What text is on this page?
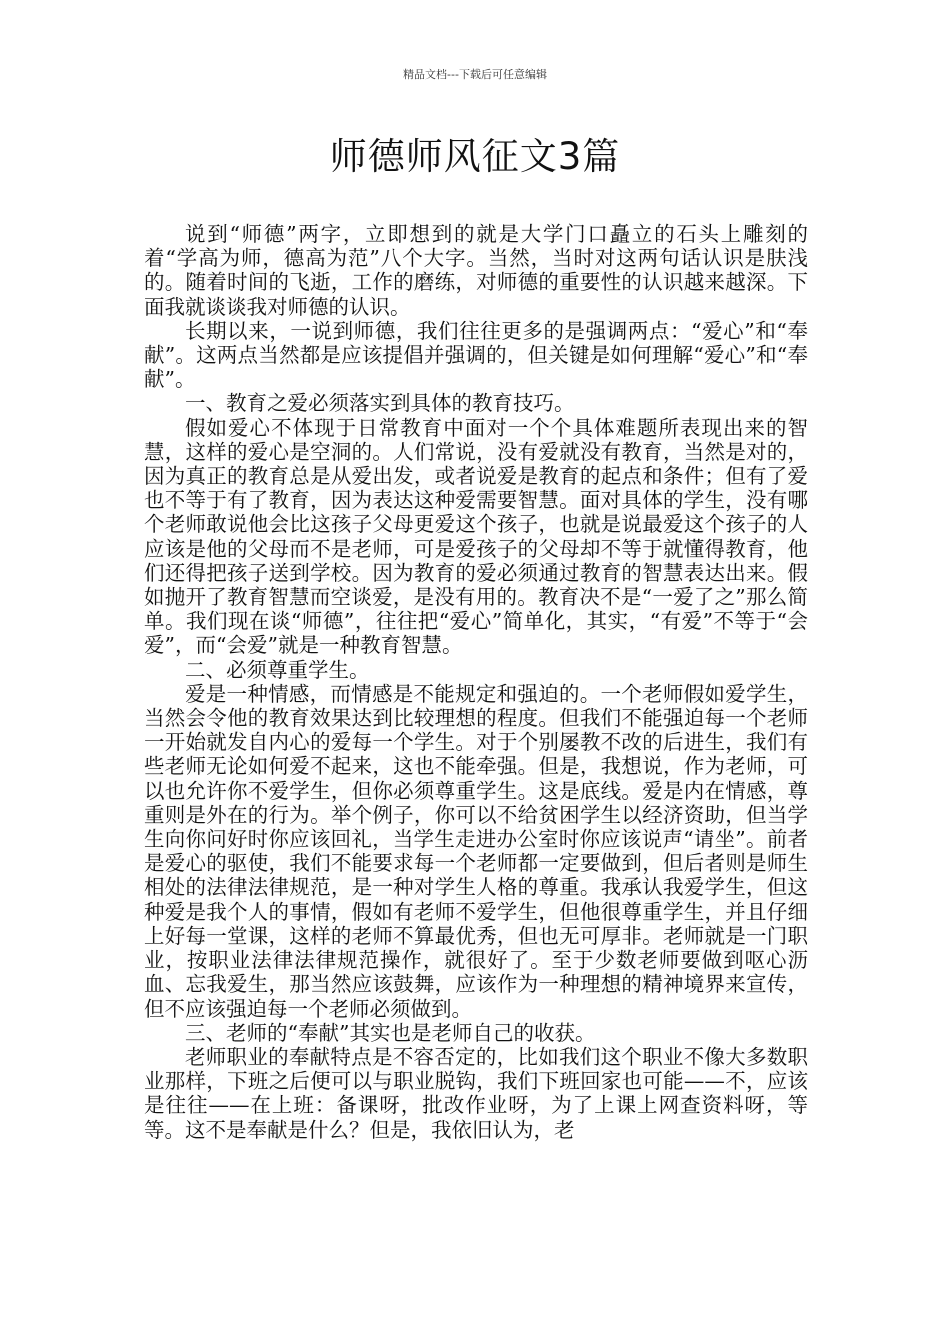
精品文档---下载后可任意编辑
师德师风征文3篇

说到“师德”两字，立即想到的就是大学门口矗立的石头上雕刻的着“学高为师，德高为范”八个大字。当然，当时对这两句话认识是肤浅的。随着时间的飞逝，工作的磨练，对师德的重要性的认识越来越深。下面我就谈谈我对师德的认识。

长期以来，一说到师德，我们往往更多的是强调两点：“爱心”和“奉献”。这两点当然都是应该提倡并强调的，但关键是如何理解“爱心”和“奉献”。

一、教育之爱必须落实到具体的教育技巧。

假如爱心不体现于日常教育中面对一个个具体难题所表现出来的智慧，这样的爱心是空洞的。人们常说，没有爱就没有教育，当然是对的，因为真正的教育总是从爱出发，或者说爱是教育的起点和条件；但有了爱也不等于有了教育，因为表达这种爱需要智慧。面对具体的学生，没有哪个老师敢说他会比这孩子父母更爱这个孩子，也就是说最爱这个孩子的人应该是他的父母而不是老师，可是爱孩子的父母却不等于就懂得教育，他们还得把孩子送到学校。因为教育的爱必须通过教育的智慧表达出来。假如抛开了教育智慧而空谈爱，是没有用的。教育决不是“一爱了之”那么简单。我们现在谈“师德”，往往把“爱心”简单化，其实，“有爱”不等于“会爱”，而“会爱”就是一种教育智慧。

二、必须尊重学生。

爱是一种情感，而情感是不能规定和强迫的。一个老师假如爱学生，当然会令他的教育效果达到比较理想的程度。但我们不能强迫每一个老师一开始就发自内心的爱每一个学生。对于个别屡教不改的后进生，我们有些老师无论如何爱不起来，这也不能牵强。但是，我想说，作为老师，可以也允许你不爱学生，但你必须尊重学生。这是底线。爱是内在情感，尊重则是外在的行为。举个例子，你可以不给贫困学生以经济资助，但当学生向你问好时你应该回礼，当学生走进办公室时你应该说声“请坐”。前者是爱心的驱使，我们不能要求每一个老师都一定要做到，但后者则是师生相处的法律法律规范，是一种对学生人格的尊重。我承认我爱学生，但这种爱是我个人的事情，假如有老师不爱学生，但他很尊重学生，并且仔细上好每一堂课，这样的老师不算最优秀，但也无可厚非。老师就是一门职业，按职业法律法律规范操作，就很好了。至于少数老师要做到呕心沥血、忘我爱生，那当然应该鼓舞，应该作为一种理想的精神境界来宣传，但不应该强迫每一个老师必须做到。

三、老师的“奉献”其实也是老师自己的收获。

老师职业的奉献特点是不容否定的，比如我们这个职业不像大多数职业那样，下班之后便可以与职业脱钩，我们下班回家也可能——不，应该是往往——在上班：备课呀，批改作业呀，为了上课上网查资料呀，等等。这不是奉献是什么？但是，我依旧认为，老
